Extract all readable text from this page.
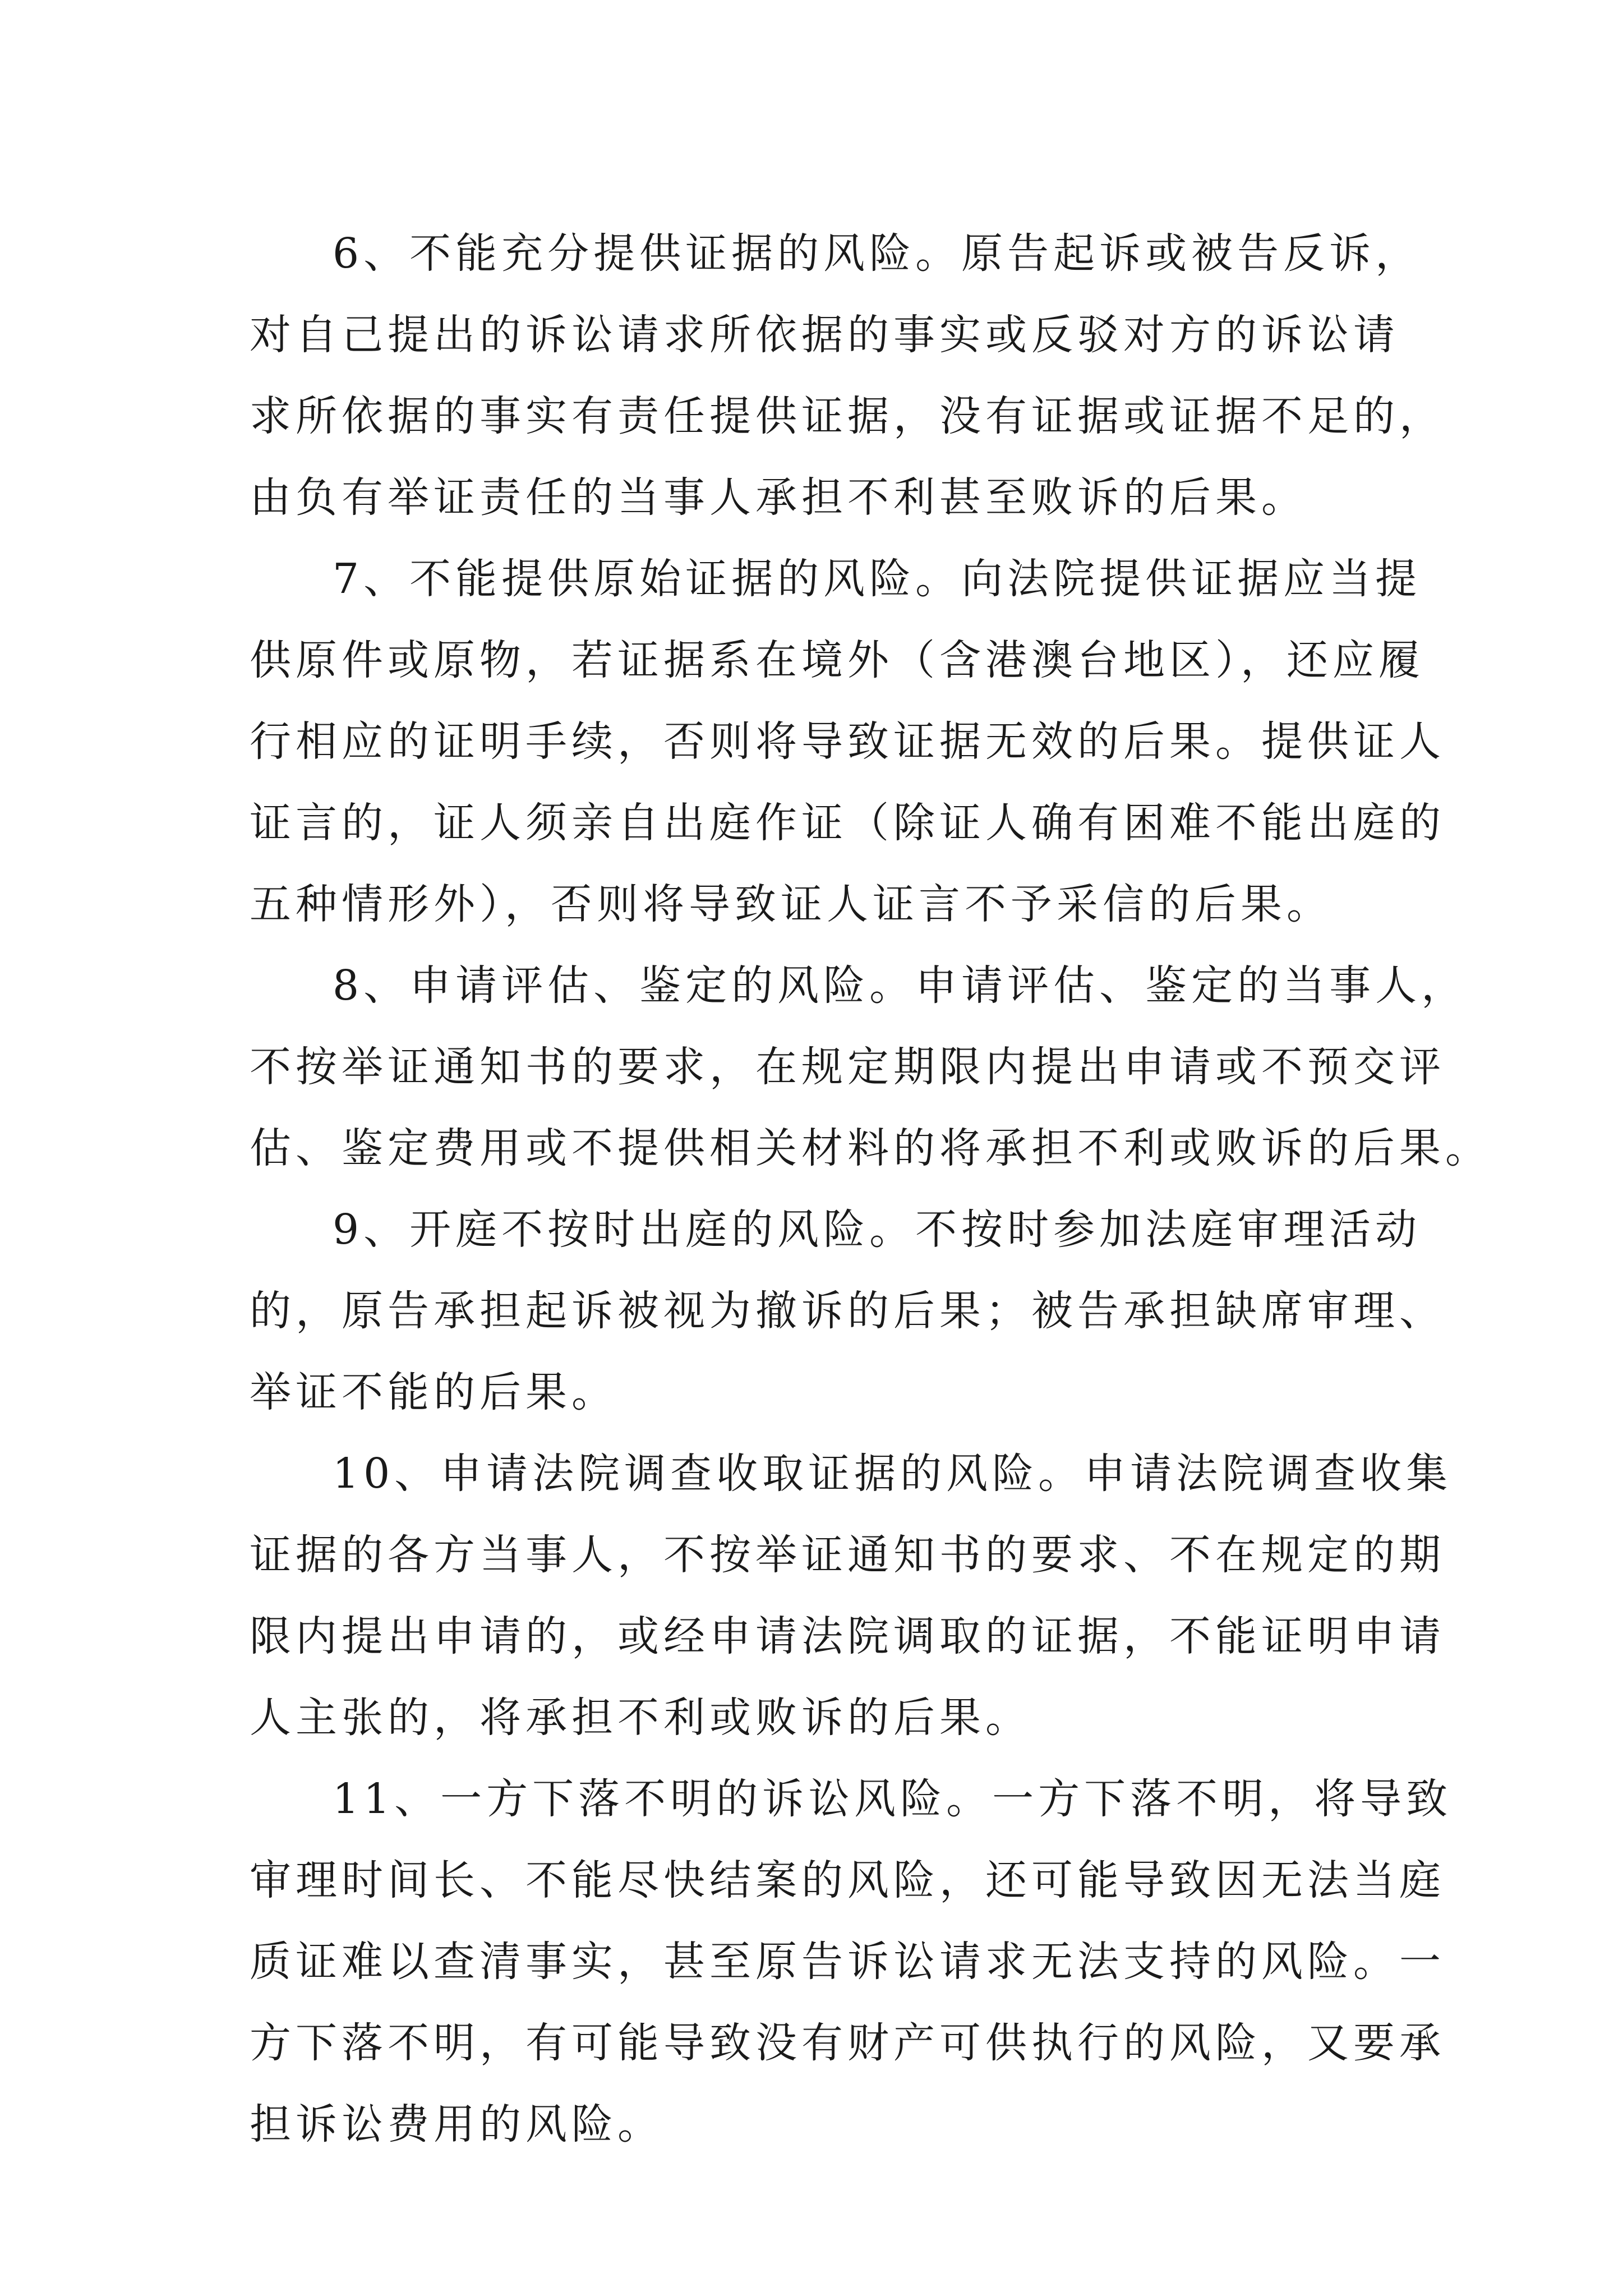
6、不能充分提供证据的风险。原告起诉或被告反诉，
对自己提出的诉讼请求所依据的事实或反驳对方的诉讼请
求所依据的事实有责任提供证据，没有证据或证据不足的，
由负有举证责任的当事人承担不利甚至败诉的后果。
7、不能提供原始证据的风险。向法院提供证据应当提
供原件或原物，若证据系在境外（含港澳台地区），还应履
行相应的证明手续，否则将导致证据无效的后果。提供证人
证言的，证人须亲自出庭作证（除证人确有困难不能出庭的
五种情形外），否则将导致证人证言不予采信的后果。
8、申请评估、鉴定的风险。申请评估、鉴定的当事人，
不按举证通知书的要求，在规定期限内提出申请或不预交评
估、鉴定费用或不提供相关材料的将承担不利或败诉的后果。
9、开庭不按时出庭的风险。不按时参加法庭审理活动
的，原告承担起诉被视为撤诉的后果；被告承担缺席审理、
举证不能的后果。
10、申请法院调查收取证据的风险。申请法院调查收集
证据的各方当事人，不按举证通知书的要求、不在规定的期
限内提出申请的，或经申请法院调取的证据，不能证明申请
人主张的，将承担不利或败诉的后果。
11、一方下落不明的诉讼风险。一方下落不明，将导致
审理时间长、不能尽快结案的风险，还可能导致因无法当庭
质证难以查清事实，甚至原告诉讼请求无法支持的风险。一
方下落不明，有可能导致没有财产可供执行的风险，又要承
担诉讼费用的风险。
